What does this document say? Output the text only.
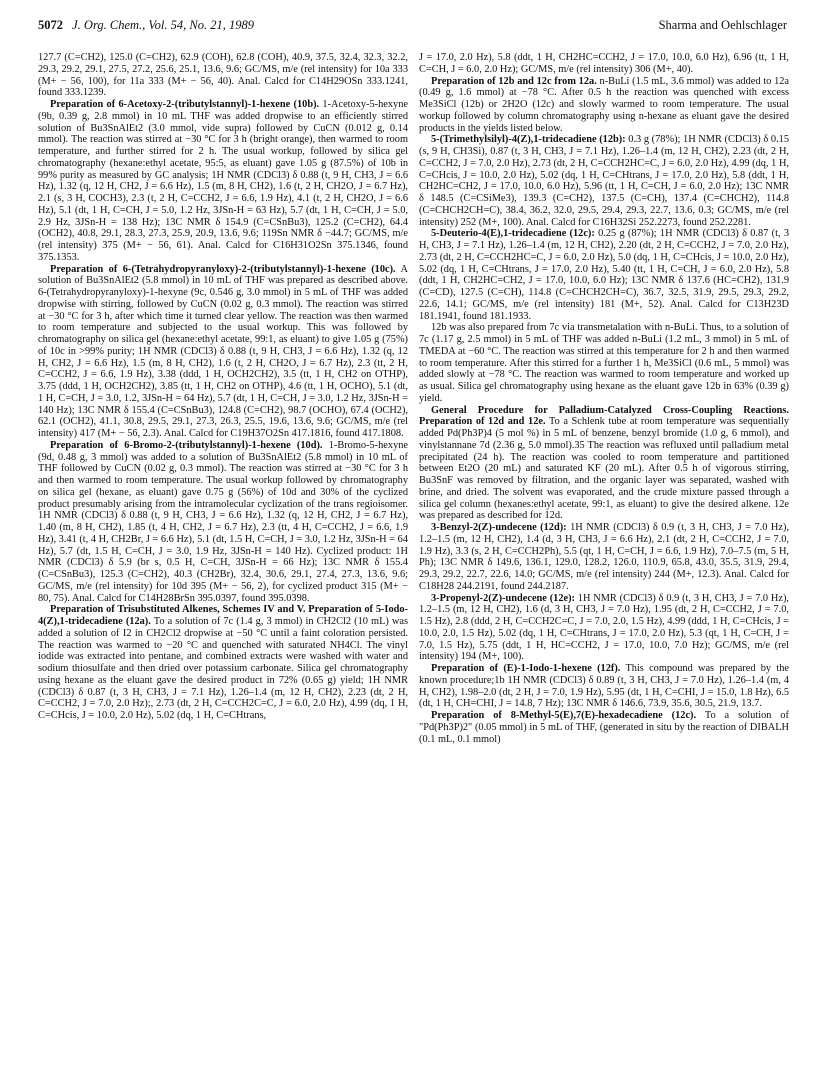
5072 J. Org. Chem., Vol. 54, No. 21, 1989	Sharma and Oehlschlager

127.7 (C=CH2), 125.0 (C=CH2), 62.9 (COH), 62.8 (COH), 40.9, 37.5, 32.4, 32.3, 32.2, 29.3, 29.2, 29.1, 27.5, 27.2, 25.6, 25.1, 13.6, 9.6; GC/MS, m/e (rel intensity) for 10a 333 (M+ − 56, 100), for 11a 333 (M+ − 56, 40). Anal. Calcd for C14H29OSn 333.1241, found 333.1239.

Preparation of 6-Acetoxy-2-(tributylstannyl)-1-hexene (10b). 1-Acetoxy-5-hexyne (9b, 0.39 g, 2.8 mmol) in 10 mL THF was added dropwise to an efficiently stirred solution of Bu3SnAlEt2 (3.0 mmol, vide supra) followed by CuCN (0.012 g, 0.14 mmol). The reaction was stirred at −30 °C for 3 h (bright orange), then warmed to room temperature, and further stirred for 2 h. The usual workup, followed by silica gel chromatography (hexane:ethyl acetate, 95:5, as eluant) gave 1.05 g (87.5%) of 10b in 99% purity as measured by GC analysis; 1H NMR (CDCl3) δ 0.88 (t, 9 H, CH3, J = 6.6 Hz), 1.32 (q, 12 H, CH2, J = 6.6 Hz), 1.5 (m, 8 H, CH2), 1.6 (t, 2 H, CH2O, J = 6.7 Hz), 2.1 (s, 3 H, COCH3), 2.3 (t, 2 H, C=CCH2, J = 6.6, 1.9 Hz), 4.1 (t, 2 H, CH2O, J = 6.6 Hz), 5.1 (dt, 1 H, C=CH, J = 5.0, 1.2 Hz, 3JSn-H = 63 Hz), 5.7 (dt, 1 H, C=CH, J = 5.0, 2.9 Hz, 3JSn-H = 138 Hz); 13C NMR δ 154.9 (C=CSnBu3), 125.2 (C=CH2), 64.4 (OCH2), 40.8, 29.1, 28.3, 27.3, 25.9, 20.9, 13.6, 9.6; 119Sn NMR δ −44.7; GC/MS, m/e (rel intensity) 375 (M+ − 56, 61). Anal. Calcd for C16H31O2Sn 375.1346, found 375.1353.

Preparation of 6-(Tetrahydropyranyloxy)-2-(tributylstannyl)-1-hexene (10c). A solution of Bu3SnAlEt2 (5.8 mmol) in 10 mL of THF was prepared as described above. 6-(Tetrahydropyranyloxy)-1-hexyne (9c, 0.546 g, 3.0 mmol) in 5 mL of THF was added dropwise with stirring, followed by CuCN (0.02 g, 0.3 mmol). The reaction was stirred at −30 °C for 3 h, after which time it turned clear yellow. The reaction was then warmed to room temperature and subjected to the usual workup. This was followed by chromatography on silica gel (hexane:ethyl acetate, 99:1, as eluant) to give 1.05 g (75%) of 10c in >99% purity; 1H NMR (CDCl3) δ 0.88 (t, 9 H, CH3, J = 6.6 Hz), 1.32 (q, 12 H, CH2, J = 6.6 Hz), 1.5 (m, 8 H, CH2), 1.6 (t, 2 H, CH2O, J = 6.7 Hz), 2.3 (tt, 2 H, C=CCH2, J = 6.6, 1.9 Hz), 3.38 (ddd, 1 H, OCH2CH2), 3.5 (tt, 1 H, CH2 on OTHP), 3.75 (ddd, 1 H, OCH2CH2), 3.85 (tt, 1 H, CH2 on OTHP), 4.6 (tt, 1 H, OCHO), 5.1 (dt, 1 H, C=CH, J = 3.0, 1.2, 3JSn-H = 64 Hz), 5.7 (dt, 1 H, C=CH, J = 3.0, 1.2 Hz, 3JSn-H = 140 Hz); 13C NMR δ 155.4 (C=CSnBu3), 124.8 (C=CH2), 98.7 (OCHO), 67.4 (OCH2), 62.1 (OCH2), 41.1, 30.8, 29.5, 29.1, 27.3, 26.3, 25.5, 19.6, 13.6, 9.6; GC/MS, m/e (rel intensity) 417 (M+ − 56, 2.3). Anal. Calcd for C19H37O2Sn 417.1816, found 417.1808.

Preparation of 6-Bromo-2-(tributylstannyl)-1-hexene (10d). 1-Bromo-5-hexyne (9d, 0.48 g, 3 mmol) was added to a solution of Bu3SnAlEt2 (5.8 mmol) in 10 mL of THF followed by CuCN (0.02 g, 0.3 mmol). The reaction was stirred at −30 °C for 3 h and then warmed to room temperature. The usual workup followed by chromatography on silica gel (hexane, as eluant) gave 0.75 g (56%) of 10d and 30% of the cyclized product presumably arising from the intramolecular cyclization of the trans regioisomer. 1H NMR (CDCl3) δ 0.88 (t, 9 H, CH3, J = 6.6 Hz), 1.32 (q, 12 H, CH2, J = 6.7 Hz), 1.40 (m, 8 H, CH2), 1.85 (t, 4 H, CH2, J = 6.7 Hz), 2.3 (tt, 4 H, C=CCH2, J = 6.6, 1.9 Hz), 3.41 (t, 4 H, CH2Br, J = 6.6 Hz), 5.1 (dt, 1.5 H, C=CH, J = 3.0, 1.2 Hz, 3JSn-H = 64 Hz), 5.7 (dt, 1.5 H, C=CH, J = 3.0, 1.9 Hz, 3JSn-H = 140 Hz). Cyclized product: 1H NMR (CDCl3) δ 5.9 (br s, 0.5 H, C=CH, 3JSn-H = 66 Hz); 13C NMR δ 155.4 (C=CSnBu3), 125.3 (C=CH2), 40.3 (CH2Br), 32.4, 30.6, 29.1, 27.4, 27.3, 13.6, 9.6; GC/MS, m/e (rel intensity) for 10d 395 (M+ − 56, 2), for cyclized product 315 (M+ − 80, 75). Anal. Calcd for C14H28BrSn 395.0397, found 395.0398.

Preparation of Trisubstituted Alkenes, Schemes IV and V. Preparation of 5-Iodo-4(Z),1-tridecadiene (12a). To a solution of 7c (1.4 g, 3 mmol) in CH2Cl2 (10 mL) was added a solution of I2 in CH2Cl2 dropwise at −50 °C until a faint coloration persisted. The reaction was warmed to −20 °C and quenched with saturated NH4Cl. The vinyl iodide was extracted into pentane, and combined extracts were washed with water and sodium thiosulfate and then dried over potassium carbonate. Silica gel chromatography using hexane as the eluant gave the desired product in 72% (0.65 g) yield; 1H NMR (CDCl3) δ 0.87 (t, 3 H, CH3, J = 7.1 Hz), 1.26–1.4 (m, 12 H, CH2), 2.23 (dt, 2 H, C=CCH2, J = 7.0, 2.0 Hz);, 2.73 (dt, 2 H, C=CCH2C=C, J = 6.0, 2.0 Hz), 4.99 (dq, 1 H, C=CHcis, J = 10.0, 2.0 Hz), 5.02 (dq, 1 H, C=CHtrans,

J = 17.0, 2.0 Hz), 5.8 (ddt, 1 H, CH2HC=CCH2, J = 17.0, 10.0, 6.0 Hz), 6.96 (tt, 1 H, C=CH, J = 6.0, 2.0 Hz); GC/MS, m/e (rel intensity) 306 (M+, 40).

Preparation of 12b and 12c from 12a. n-BuLi (1.5 mL, 3.6 mmol) was added to 12a (0.49 g, 1.6 mmol) at −78 °C. After 0.5 h the reaction was quenched with excess Me3SiCl (12b) or 2H2O (12c) and slowly warmed to room temperature. The usual workup followed by column chromatography using n-hexane as eluant gave the desired products in the yields listed below.

5-(Trimethylsilyl)-4(Z),1-tridecadiene (12b): 0.3 g (78%); 1H NMR (CDCl3) δ 0.15 (s, 9 H, CH3Si), 0.87 (t, 3 H, CH3, J = 7.1 Hz), 1.26–1.4 (m, 12 H, CH2), 2.23 (dt, 2 H, C=CCH2, J = 7.0, 2.0 Hz), 2.73 (dt, 2 H, C=CCH2HC=C, J = 6.0, 2.0 Hz), 4.99 (dq, 1 H, C=CHcis, J = 10.0, 2.0 Hz), 5.02 (dq, 1 H, C=CHtrans, J = 17.0, 2.0 Hz), 5.8 (ddt, 1 H, CH2HC=CH2, J = 17.0, 10.0, 6.0 Hz), 5.96 (tt, 1 H, C=CH, J = 6.0, 2.0 Hz); 13C NMR δ 148.5 (C=CSiMe3), 139.3 (C=CH2), 137.5 (C=CH), 137.4 (C=CHCH2), 114.8 (C=CHCH2CH=C), 38.4, 36.2, 32.0, 29.5, 29.4, 29.3, 22.7, 13.6, 0.3; GC/MS, m/e (rel intensity) 252 (M+, 100). Anal. Calcd for C16H32Si 252.2273, found 252.2281.

5-Deuterio-4(E),1-tridecadiene (12c): 0.25 g (87%); 1H NMR (CDCl3) δ 0.87 (t, 3 H, CH3, J = 7.1 Hz), 1.26–1.4 (m, 12 H, CH2), 2.20 (dt, 2 H, C=CCH2, J = 7.0, 2.0 Hz), 2.73 (dt, 2 H, C=CCH2HC=C, J = 6.0, 2.0 Hz), 5.0 (dq, 1 H, C=CHcis, J = 10.0, 2.0 Hz), 5.02 (dq, 1 H, C=CHtrans, J = 17.0, 2.0 Hz), 5.40 (tt, 1 H, C=CH, J = 6.0, 2.0 Hz), 5.8 (ddt, 1 H, CH2HC=CH2, J = 17.0, 10.0, 6.0 Hz); 13C NMR δ 137.6 (HC=CH2), 131.9 (C=CD), 127.5 (C=CH), 114.8 (C=CHCH2CH=C), 36.7, 32.5, 31.9, 29.5, 29.3, 29.2, 22.6, 14.1; GC/MS, m/e (rel intensity) 181 (M+, 52). Anal. Calcd for C13H23D 181.1941, found 181.1933.

12b was also prepared from 7c via transmetalation with n-BuLi. Thus, to a solution of 7c (1.17 g, 2.5 mmol) in 5 mL of THF was added n-BuLi (1.2 mL, 3 mmol) in 5 mL of TMEDA at −60 °C. The reaction was stirred at this temperature for 2 h and then warmed to room temperature. After this stirred for a further 1 h, Me3SiCl (0.6 mL, 5 mmol) was added slowly at −78 °C. The reaction was warmed to room temperature and worked up as usual. Silica gel chromatography using hexane as the eluant gave 12b in 63% (0.39 g) yield.

General Procedure for Palladium-Catalyzed Cross-Coupling Reactions. Preparation of 12d and 12e. To a Schlenk tube at room temperature was sequentially added Pd(Ph3P)4 (5 mol %) in 5 mL of benzene, benzyl bromide (1.0 g, 6 mmol), and vinylstannane 7d (2.36 g, 5.0 mmol).35 The reaction was refluxed until palladium metal precipitated (24 h). The reaction was cooled to room temperature and partitioned between Et2O (20 mL) and saturated KF (20 mL). After 0.5 h of vigorous stirring, Bu3SnF was removed by filtration, and the organic layer was separated, washed with brine, and dried. The solvent was evaporated, and the crude mixture passed through a silica gel column (hexanes:ethyl acetate, 99:1, as eluant) to give the desired alkene. 12e was prepared as described for 12d.

3-Benzyl-2(Z)-undecene (12d): 1H NMR (CDCl3) δ 0.9 (t, 3 H, CH3, J = 7.0 Hz), 1.2–1.5 (m, 12 H, CH2), 1.4 (d, 3 H, CH3, J = 6.6 Hz), 2.1 (dt, 2 H, C=CCH2, J = 7.0, 1.9 Hz), 3.3 (s, 2 H, C=CCH2Ph), 5.5 (qt, 1 H, C=CH, J = 6.6, 1.9 Hz), 7.0–7.5 (m, 5 H, Ph); 13C NMR δ 149.6, 136.1, 129.0, 128.2, 126.0, 110.9, 65.8, 43.0, 35.5, 31.9, 29.4, 29.3, 29.2, 22.7, 22.6, 14.0; GC/MS, m/e (rel intensity) 244 (M+, 12.3). Anal. Calcd for C18H28 244.2191, found 244.2187.

3-Propenyl-2(Z)-undecene (12e): 1H NMR (CDCl3) δ 0.9 (t, 3 H, CH3, J = 7.0 Hz), 1.2–1.5 (m, 12 H, CH2), 1.6 (d, 3 H, CH3, J = 7.0 Hz), 1.95 (dt, 2 H, C=CCH2, J = 7.0, 1.5 Hz), 2.8 (ddd, 2 H, C=CCH2C=C, J = 7.0, 2.0, 1.5 Hz), 4.99 (ddd, 1 H, C=CHcis, J = 10.0, 2.0, 1.5 Hz), 5.02 (dq, 1 H, C=CHtrans, J = 17.0, 2.0 Hz), 5.3 (qt, 1 H, C=CH, J = 7.0, 1.5 Hz), 5.75 (ddt, 1 H, HC=CCH2, J = 17.0, 10.0, 7.0 Hz); GC/MS, m/e (rel intensity) 194 (M+, 100).

Preparation of (E)-1-Iodo-1-hexene (12f). This compound was prepared by the known procedure;1b 1H NMR (CDCl3) δ 0.89 (t, 3 H, CH3, J = 7.0 Hz), 1.26–1.4 (m, 4 H, CH2), 1.98–2.0 (dt, 2 H, J = 7.0, 1.9 Hz), 5.95 (dt, 1 H, C=CHI, J = 15.0, 1.8 Hz), 6.5 (dt, 1 H, CH=CHI, J = 14.8, 7 Hz); 13C NMR δ 146.6, 73.9, 35.6, 30.5, 21.9, 13.7.

Preparation of 8-Methyl-5(E),7(E)-hexadecadiene (12c). To a solution of "Pd(Ph3P)2" (0.05 mmol) in 5 mL of THF, (generated in situ by the reaction of DIBALH (0.1 mL, 0.1 mmol)
